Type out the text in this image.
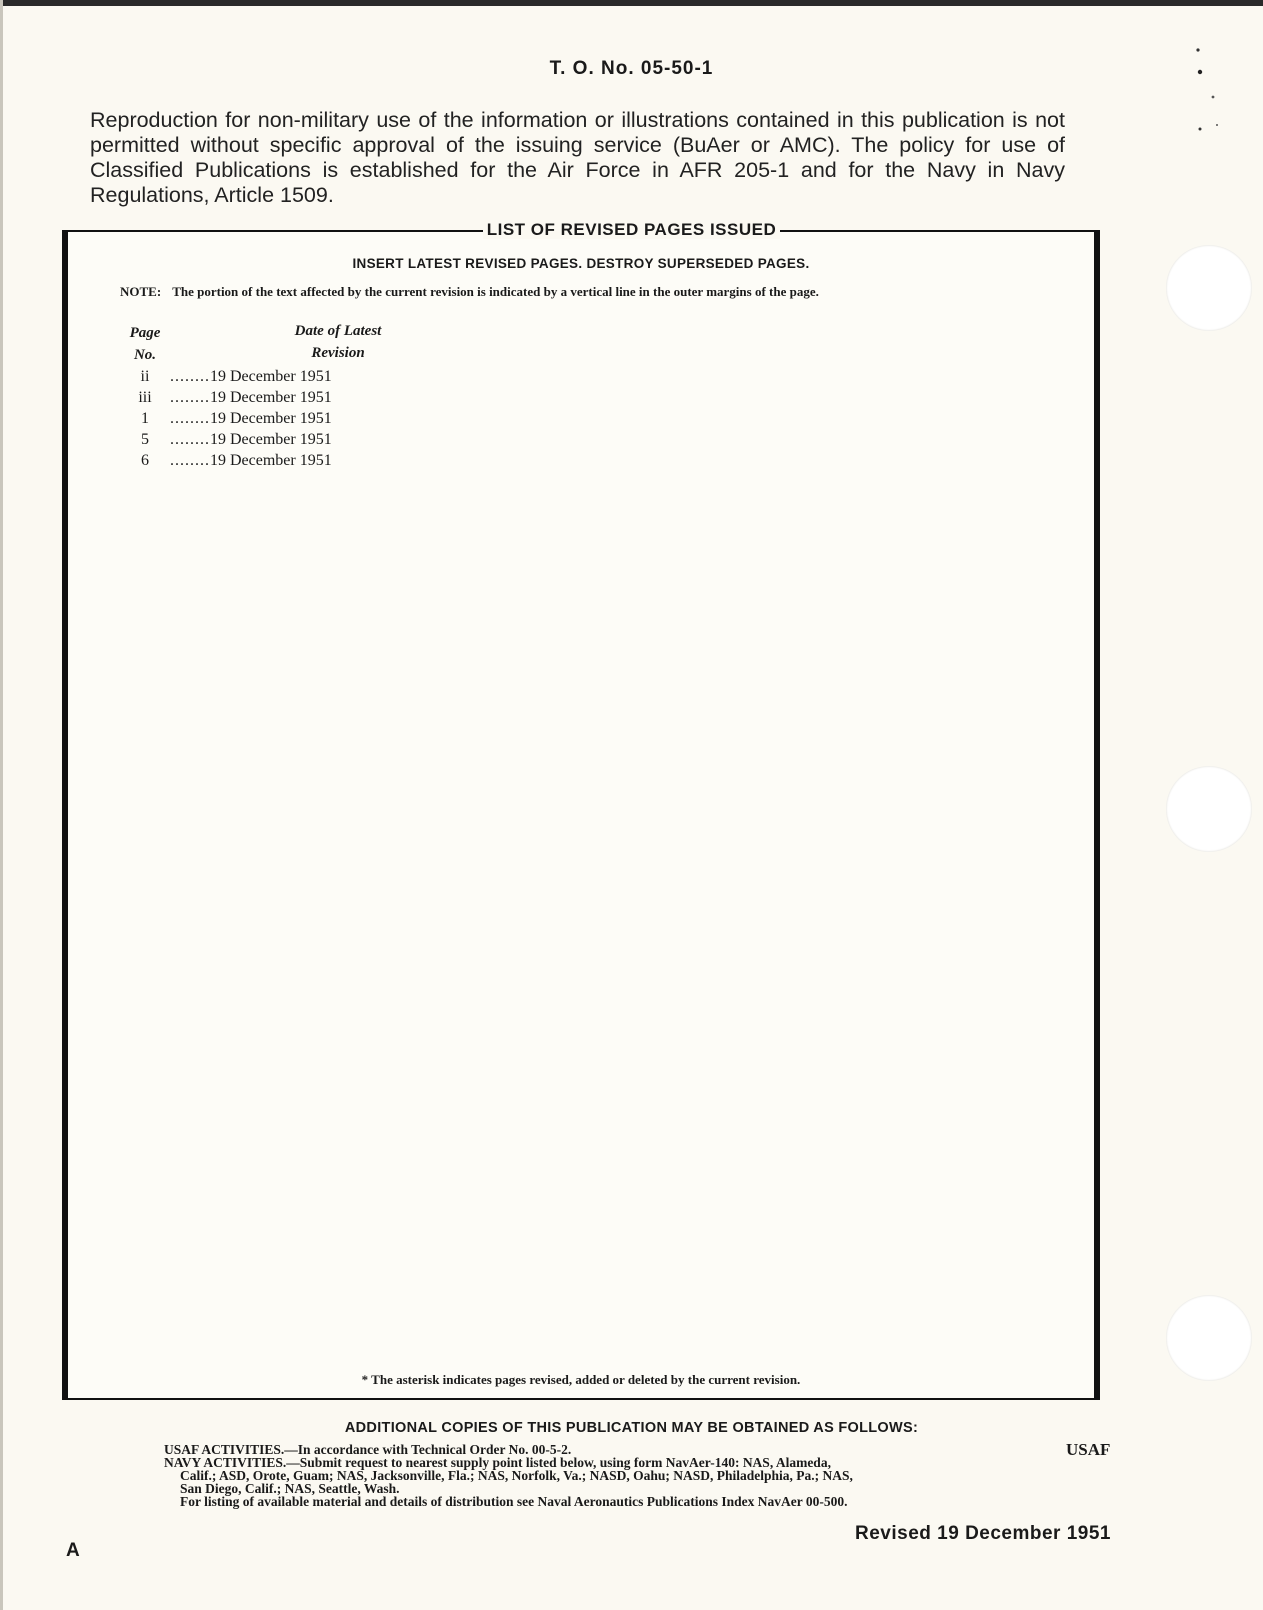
T. O. No. 05-50-1
Reproduction for non-military use of the information or illustrations contained in this publication is not permitted without specific approval of the issuing service (BuAer or AMC). The policy for use of Classified Publications is established for the Air Force in AFR 205-1 and for the Navy in Navy Regulations, Article 1509.
LIST OF REVISED PAGES ISSUED
INSERT LATEST REVISED PAGES. DESTROY SUPERSEDED PAGES.
NOTE: The portion of the text affected by the current revision is indicated by a vertical line in the outer margins of the page.
Page
No.
Date of Latest
Revision
ii	........ 19 December 1951
iii	........ 19 December 1951
1	........ 19 December 1951
5	........ 19 December 1951
6	........ 19 December 1951
* The asterisk indicates pages revised, added or deleted by the current revision.
ADDITIONAL COPIES OF THIS PUBLICATION MAY BE OBTAINED AS FOLLOWS:

USAF ACTIVITIES.—In accordance with Technical Order No. 00-5-2.

NAVY ACTIVITIES.—Submit request to nearest supply point listed below, using form NavAer-140: NAS, Alameda,

Calif.; ASD, Orote, Guam; NAS, Jacksonville, Fla.; NAS, Norfolk, Va.; NASD, Oahu; NASD, Philadelphia, Pa.; NAS,

San Diego, Calif.; NAS, Seattle, Wash.

For listing of available material and details of distribution see Naval Aeronautics Publications Index NavAer 00-500.

USAF
Revised 19 December 1951
A
